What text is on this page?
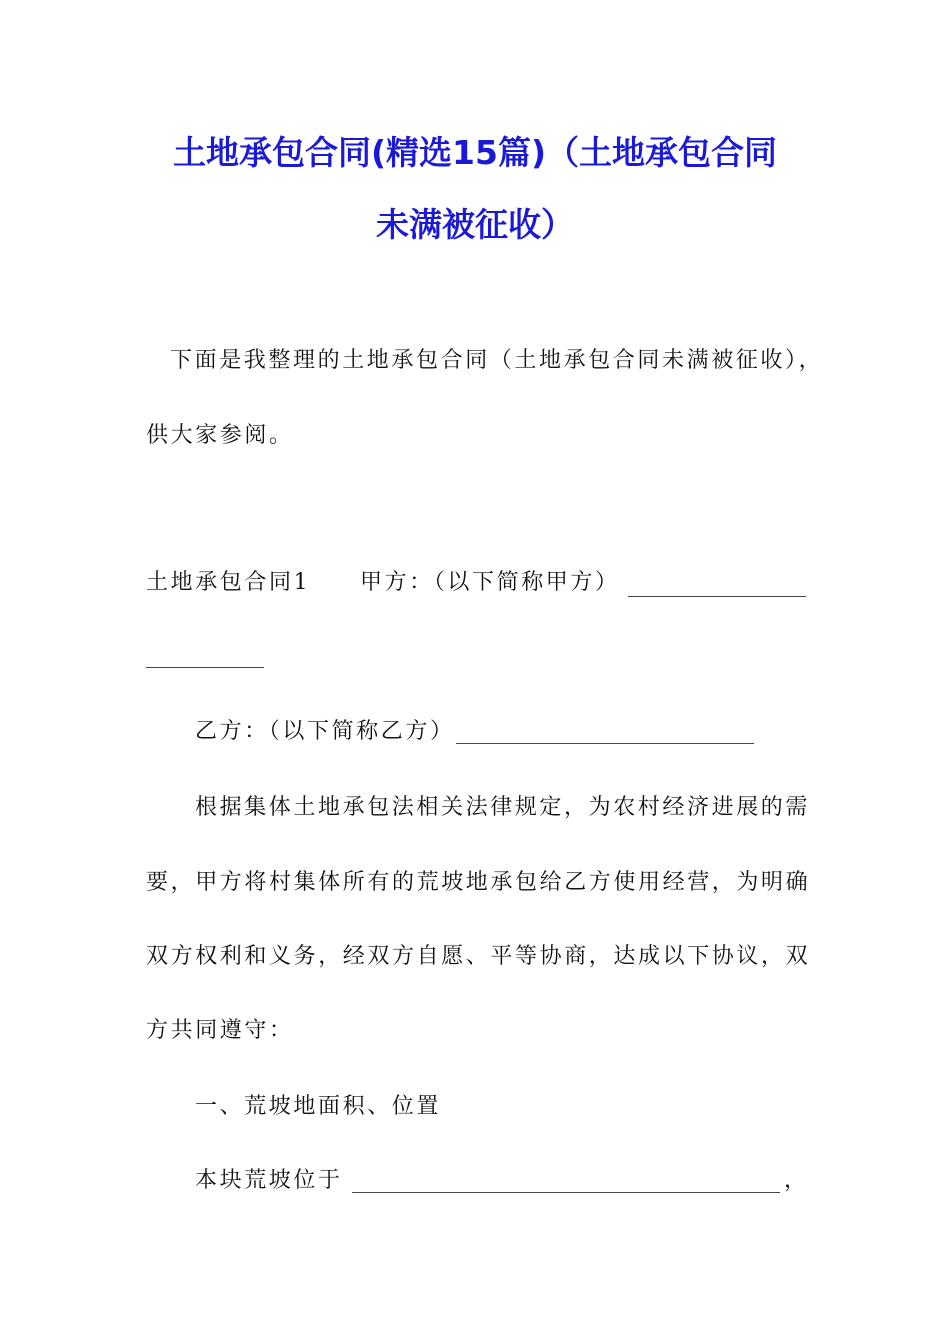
土地承包合同(精选15篇)（土地承包合同
未满被征收）
下面是我整理的土地承包合同（土地承包合同未满被征收），
供大家参阅。
土地承包合同1 甲方：（以下简称甲方）
乙方：（以下简称乙方）
根据集体土地承包法相关法律规定，为农村经济进展的需
要，甲方将村集体所有的荒坡地承包给乙方使用经营，为明确
双方权利和义务，经双方自愿、平等协商，达成以下协议，双
方共同遵守：
一、荒坡地面积、位置
本块荒坡位于	，
